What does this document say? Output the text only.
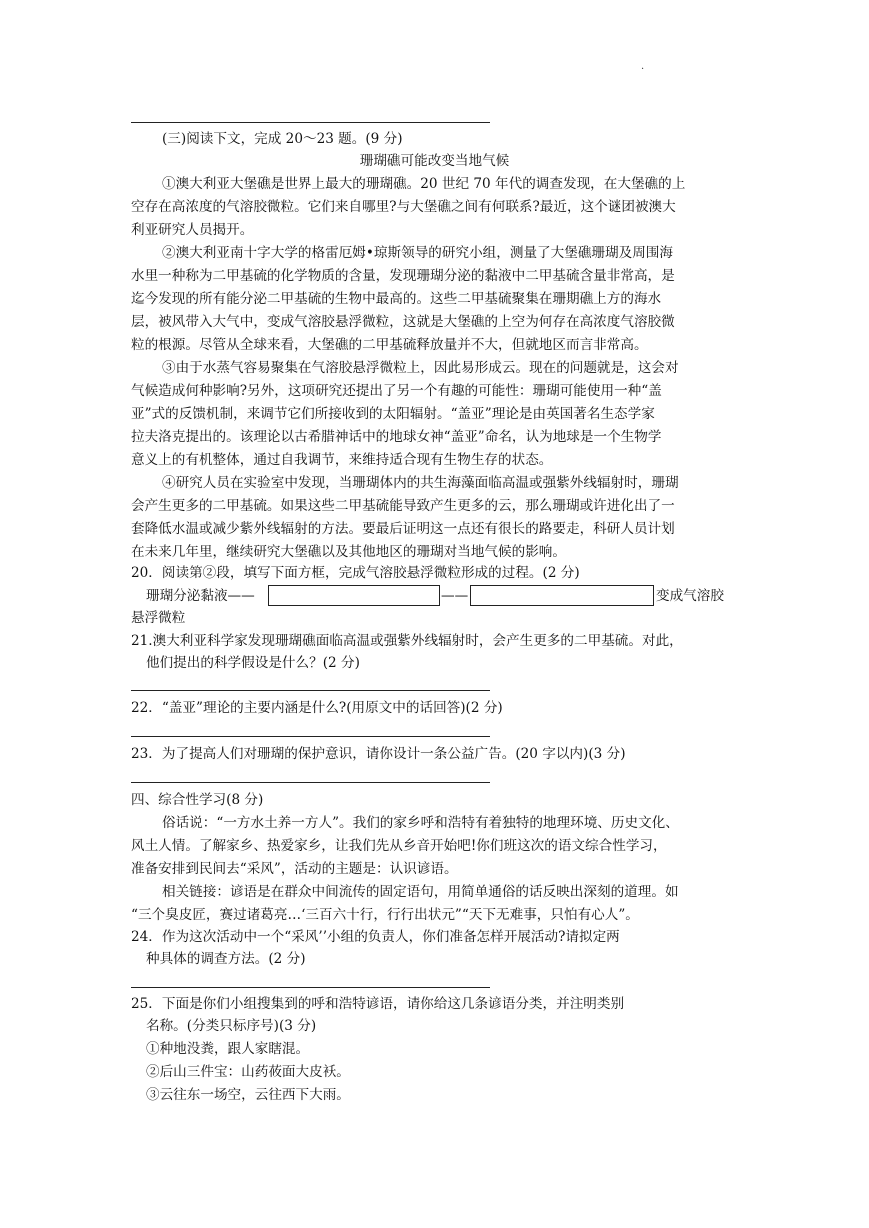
·
(三)阅读下文，完成 20～23 题。(9 分)
珊瑚礁可能改变当地气候
①澳大利亚大堡礁是世界上最大的珊瑚礁。20 世纪 70 年代的调查发现，在大堡礁的上
空存在高浓度的气溶胶微粒。它们来自哪里?与大堡礁之间有何联系?最近，这个谜团被澳大
利亚研究人员揭开。
②澳大利亚南十字大学的格雷厄姆•琼斯领导的研究小组，测量了大堡礁珊瑚及周围海
水里一种称为二甲基硫的化学物质的含量，发现珊瑚分泌的黏液中二甲基硫含量非常高，是
迄今发现的所有能分泌二甲基硫的生物中最高的。这些二甲基硫聚集在珊期礁上方的海水
层，被风带入大气中，变成气溶胶悬浮微粒，这就是大堡礁的上空为何存在高浓度气溶胶微
粒的根源。尽管从全球来看，大堡礁的二甲基硫释放量并不大，但就地区而言非常高。
③由于水蒸气容易聚集在气溶胶悬浮微粒上，因此易形成云。现在的问题就是，这会对
气候造成何种影响?另外，这项研究还提出了另一个有趣的可能性：珊瑚可能使用一种“盖
亚”式的反馈机制，来调节它们所接收到的太阳辐射。“盖亚”理论是由英国著名生态学家
拉夫洛克提出的。该理论以古希腊神话中的地球女神“盖亚”命名，认为地球是一个生物学
意义上的有机整体，通过自我调节，来维持适合现有生物生存的状态。
④研究人员在实验室中发现，当珊瑚体内的共生海藻面临高温或强紫外线辐射时，珊瑚
会产生更多的二甲基硫。如果这些二甲基硫能导致产生更多的云，那么珊瑚或许进化出了一
套降低水温或减少紫外线辐射的方法。要最后证明这一点还有很长的路要走，科研人员计划
在未来几年里，继续研究大堡礁以及其他地区的珊瑚对当地气候的影响。
20．阅读第②段，填写下面方框，完成气溶胶悬浮微粒形成的过程。(2 分)
珊瑚分泌黏液——	——	变成气溶胶
悬浮微粒
21.澳大利亚科学家发现珊瑚礁面临高温或强紫外线辐射时，会产生更多的二甲基硫。对此，
他们提出的科学假设是什么？(2 分)
22．“盖亚”理论的主要内涵是什么?(用原文中的话回答)(2 分)
23．为了提高人们对珊瑚的保护意识，请你设计一条公益广告。(20 字以内)(3 分)
四、综合性学习(8 分)
俗话说：“一方水土养一方人”。我们的家乡呼和浩特有着独特的地理环境、历史文化、
风土人情。了解家乡、热爱家乡，让我们先从乡音开始吧!你们班这次的语文综合性学习，
准备安排到民间去“采风”，活动的主题是：认识谚语。
相关链接：谚语是在群众中间流传的固定语句，用简单通俗的话反映出深刻的道理。如
“三个臭皮匠，赛过诸葛亮…‘三百六十行，行行出状元”“天下无难事，只怕有心人”。
24．作为这次活动中一个“采风’’小组的负责人，你们准备怎样开展活动?请拟定两
种具体的调查方法。(2 分)
25．下面是你们小组搜集到的呼和浩特谚语，请你给这几条谚语分类，并注明类别
名称。(分类只标序号)(3 分)
①种地没粪，跟人家瞎混。
②后山三件宝：山药莜面大皮袄。
③云往东一场空，云往西下大雨。
